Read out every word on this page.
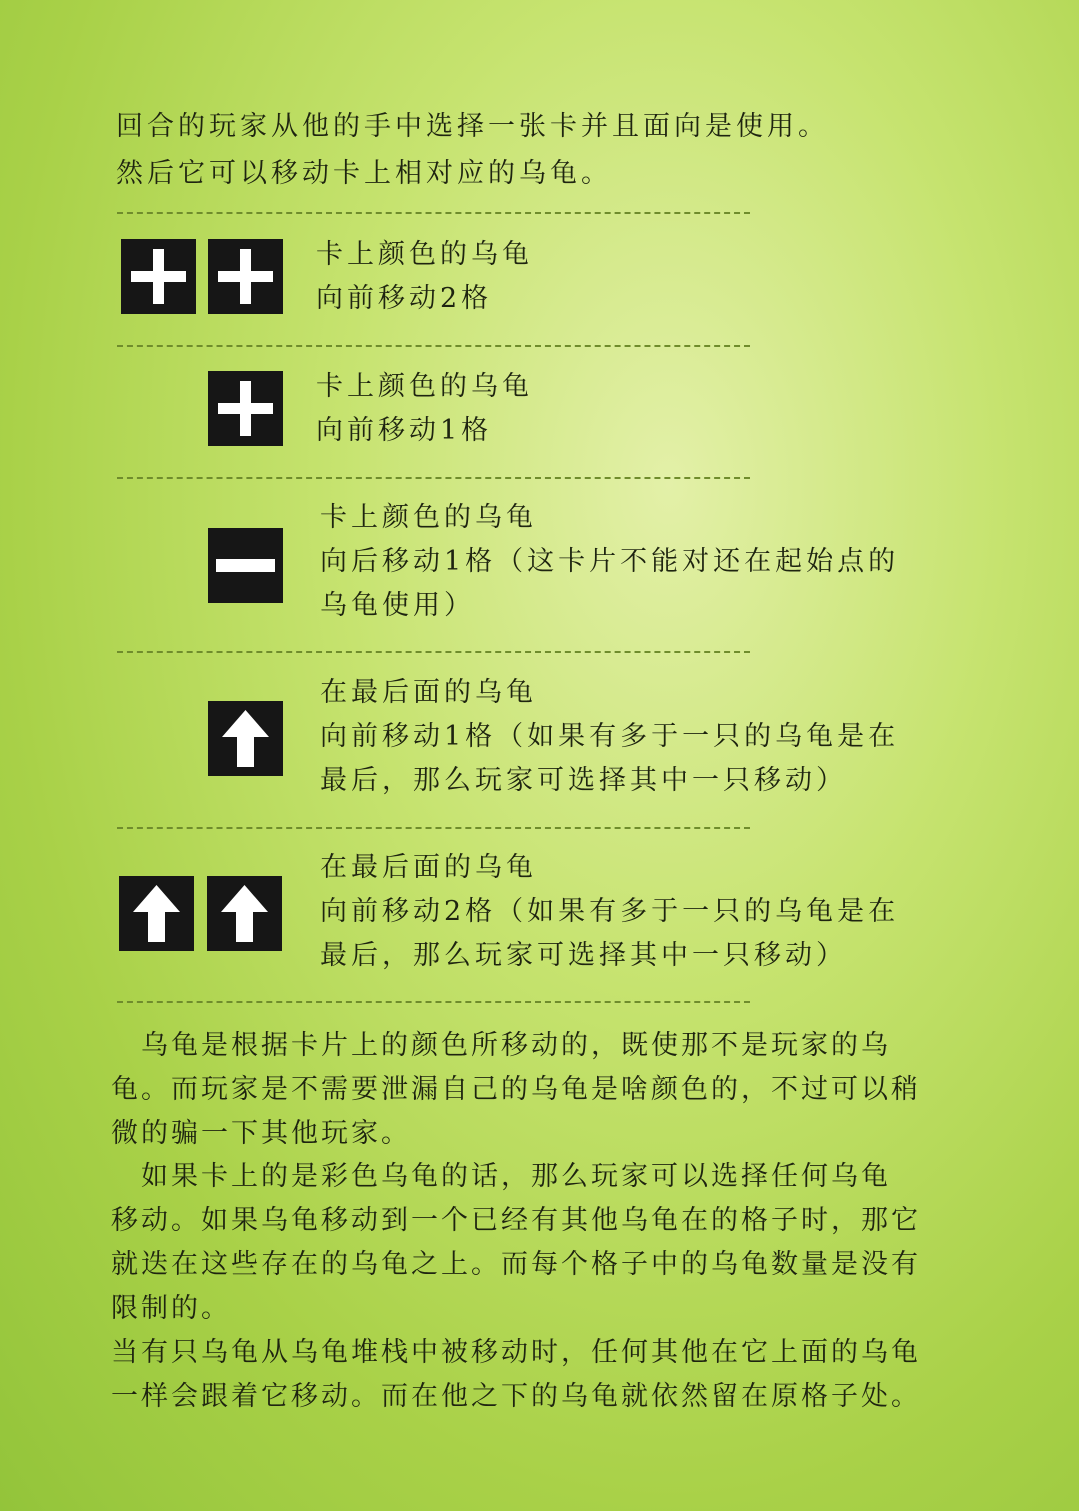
回合的玩家从他的手中选择一张卡并且面向是使用。
然后它可以移动卡上相对应的乌龟。
卡上颜色的乌龟
向前移动2格
卡上颜色的乌龟
向前移动1格
卡上颜色的乌龟
向后移动1格（这卡片不能对还在起始点的
乌龟使用）
在最后面的乌龟
向前移动1格（如果有多于一只的乌龟是在
最后，那么玩家可选择其中一只移动）
在最后面的乌龟
向前移动2格（如果有多于一只的乌龟是在
最后，那么玩家可选择其中一只移动）
　乌龟是根据卡片上的颜色所移动的，既使那不是玩家的乌
龟。而玩家是不需要泄漏自己的乌龟是啥颜色的，不过可以稍
微的骗一下其他玩家。
　如果卡上的是彩色乌龟的话，那么玩家可以选择任何乌龟
移动。如果乌龟移动到一个已经有其他乌龟在的格子时，那它
就迭在这些存在的乌龟之上。而每个格子中的乌龟数量是没有
限制的。
当有只乌龟从乌龟堆栈中被移动时，任何其他在它上面的乌龟
一样会跟着它移动。而在他之下的乌龟就依然留在原格子处。
